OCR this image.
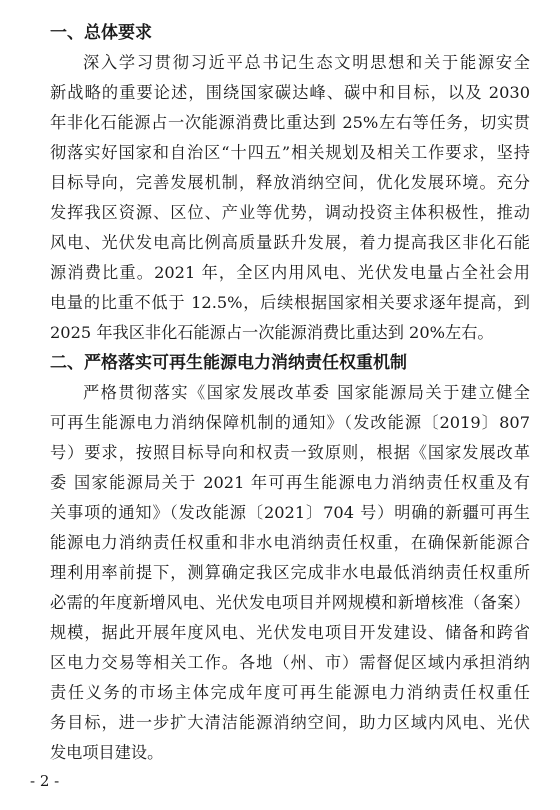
一、总体要求

深入学习贯彻习近平总书记生态文明思想和关于能源安全

新战略的重要论述，围绕国家碳达峰、碳中和目标，以及 2030

年非化石能源占一次能源消费比重达到 25%左右等任务，切实贯

彻落实好国家和自治区“十四五”相关规划及相关工作要求，坚持

目标导向，完善发展机制，释放消纳空间，优化发展环境。充分

发挥我区资源、区位、产业等优势，调动投资主体积极性，推动

风电、光伏发电高比例高质量跃升发展，着力提高我区非化石能

源消费比重。2021 年，全区内用风电、光伏发电量占全社会用

电量的比重不低于 12.5%，后续根据国家相关要求逐年提高，到

2025 年我区非化石能源占一次能源消费比重达到 20%左右。

二、严格落实可再生能源电力消纳责任权重机制

严格贯彻落实《国家发展改革委 国家能源局关于建立健全

可再生能源电力消纳保障机制的通知》（发改能源〔2019〕807

号）要求，按照目标导向和权责一致原则，根据《国家发展改革

委 国家能源局关于 2021 年可再生能源电力消纳责任权重及有

关事项的通知》（发改能源〔2021〕704 号）明确的新疆可再生

能源电力消纳责任权重和非水电消纳责任权重，在确保新能源合

理利用率前提下，测算确定我区完成非水电最低消纳责任权重所

必需的年度新增风电、光伏发电项目并网规模和新增核准（备案）

规模，据此开展年度风电、光伏发电项目开发建设、储备和跨省

区电力交易等相关工作。各地（州、市）需督促区域内承担消纳

责任义务的市场主体完成年度可再生能源电力消纳责任权重任

务目标，进一步扩大清洁能源消纳空间，助力区域内风电、光伏

发电项目建设。

- 2 -
